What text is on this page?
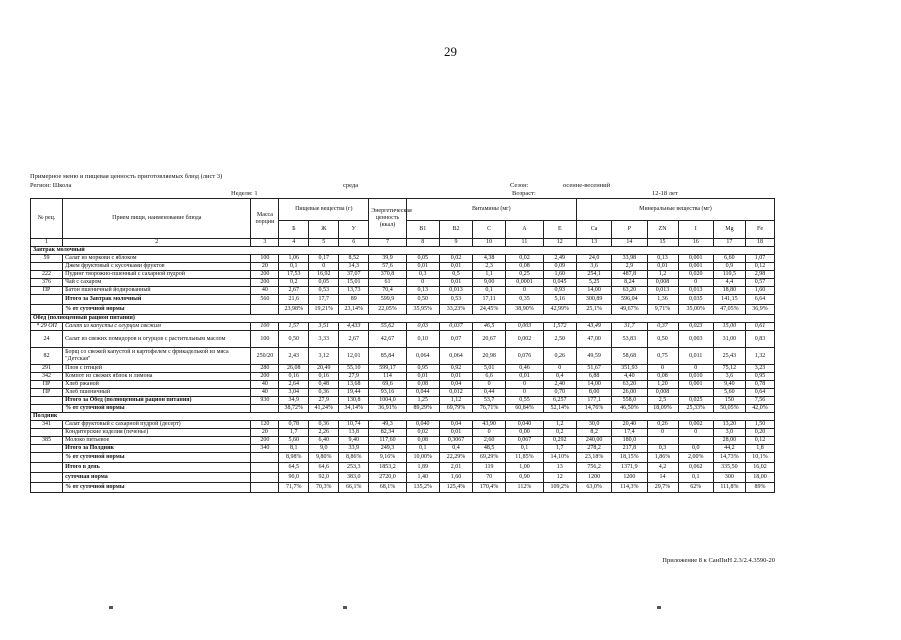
29
Примерное меню и пищевая ценность приготовляемых блюд (лист 3)
Регион: Школа	среда	Сезон:	осенне-весенний
Неделя: 1	Возраст:	12-18 лет
№ рец.	Прием пищи, наименование блюда	Масса порции	Пищевые вещества (г)			Энергетическая ценность (ккал)	Витамины (мг)					Минеральные вещества (мг)					
			Б	Ж	У		В1	В2	С	А	Е	Са	Р	ZN	I	Mg	Fe
1	2	3	4	5	6	7	8	9	10	11	12	13	14	15	16	17	18
Завтрак молочный																	
59	Салат из моркови с яблоком	100	1,06	0,17	8,52	39,9	0,05	0,02	4,38	0,02	2,49	24,0	33,98	0,13	0,001	6,60	1,07
	Джем фруктовый с кусочками фруктов	20	0,1	0	14,3	57,6	0,01	0,01	2,3	0,08	0,09	3,6	2,9	0,01	0,001	0,9	0,12
222	Пудинг творожно-пшенный с сахарной пудрой	200	17,53	16,92	37,07	370,8	0,3	0,5	1,1	0,25	1,60	254,1	487,8	1,2	0,020	110,5	2,98
376	Чай с сахаром	200	0,2	0,05	15,01	61	0	0,01	9,00	0,0001	0,045	5,25	8,24	0,008	0	4,4	0,57
ПР	Батон пшеничный йодированный	40	2,67	0,53	13,73	70,4	0,13	0,013	0,1	0	0,93	14,00	63,20	0,013	0,013	18,80	1,60
	Итого за Завтрак молочный	560	21,6	17,7	89	599,9	0,50	0,53	17,11	0,35	5,16	300,89	596,04	1,36	0,035	141,15	6,64
	% от суточной нормы		23,98%	19,21%	23,14%	22,05%	35,95%	33,23%	24,45%	38,90%	42,99%	25,1%	49,67%	9,71%	35,00%	47,05%	36,9%
Обед (полноценный рацион питания)																	
* 29 ОП	Салат из капусты с огурцом свежим	100	1,57	3,51	4,433	55,62	0,03	0,037	46,5	0,003	1,572	43,49	31,7	0,37	0,023	15,00	0,61
24	Салат из свежих помидоров и огурцов с растительным маслом	100	0,50	3,33	2,67	42,67	0,10	0,07	20,67	0,002	2,50	47,00	53,83	0,50	0,003	31,00	0,83
82	Борщ со свежей капустой и картофелем с фрикаделькой из мяса "Детская"	250/20	2,43	3,12	12,01	85,84	0,064	0,064	20,98	0,076	0,26	49,59	58,68	0,75	0,011	25,43	1,32
291	Плов с птицей	280	26,08	20,49	55,10	599,17	0,95	0,92	5,01	0,46	0	51,67	351,93	0	0	75,12	3,23
342	Компот из свежих яблок и лимона	200	0,16	0,16	27,9	114	0,01	0,01	6,6	0,01	0,4	6,88	4,40	0,08	0,010	3,6	0,95
ПР	Хлеб ржаной	40	2,64	0,48	13,68	69,6	0,08	0,04	0	0	2,40	14,00	63,20	1,20	0,001	9,40	0,78
ПР	Хлеб пшеничный	40	3,04	0,36	19,44	93,16	0,044	0,012	0,44	0	0,70	8,00	26,00	0,008		5,60	0,64
	Итого за Обед (полноценный рацион питания)	930	34,9	27,9	130,8	1004,0	1,25	1,12	53,7	0,55	6,257	177,1	558,0	2,5	0,025	150	7,56
	% от суточной нормы		38,72%	41,24%	34,14%	36,91%	89,29%	69,79%	76,71%	60,84%	52,14%	14,76%	46,50%	18,09%	25,33%	50,05%	42,0%
Полдник																	
341	Салат фруктовый с сахарной пудрой (десерт)	120	0,78	0,36	10,74	49,3	0,040	0,04	43,90	0,040	1,2	30,0	20,40	0,26	0,002	13,20	1,50
	Кондитерские изделия (печенье)	20	1,7	2,26	13,8	82,34	0,02	0,01	0	0,00	0,2	8,2	17,4	0	0	3,0	0,20
385	Молоко питьевое	200	5,60	6,40	9,40	117,60	0,08	0,3067	2,60	0,067	0,292	240,00	180,0			28,00	0,12
	Итого за Полдник	340	8,1	9,0	33,9	249,3	0,1	0,4	48,5	0,1	1,7	278,2	217,8	0,3	0,0	44,2	1,8
	% от суточной нормы		8,98%	9,80%	8,86%	9,16%	10,00%	22,29%	69,29%	11,85%	14,10%	23,18%	18,15%	1,86%	2,00%	14,73%	10,1%
	Итого в день		64,5	64,6	253,3	1853,2	1,89	2,01	119	1,00	13	756,2	1371,9	4,2	0,062	335,50	16,02
	суточная норма		90,0	92,0	383,0	2720,0	1,40	1,60	70	0,90	12	1200	1200	14	0,1	300	18,00
	% от суточной нормы		71,7%	70,3%	66,1%	68,1%	135,2%	125,4%	170,4%	112%	109,2%	63,0%	114,3%	29,7%	62%	111,8%	89%
Приложение 8 к СанПиН 2.3/2.4.3590-20
